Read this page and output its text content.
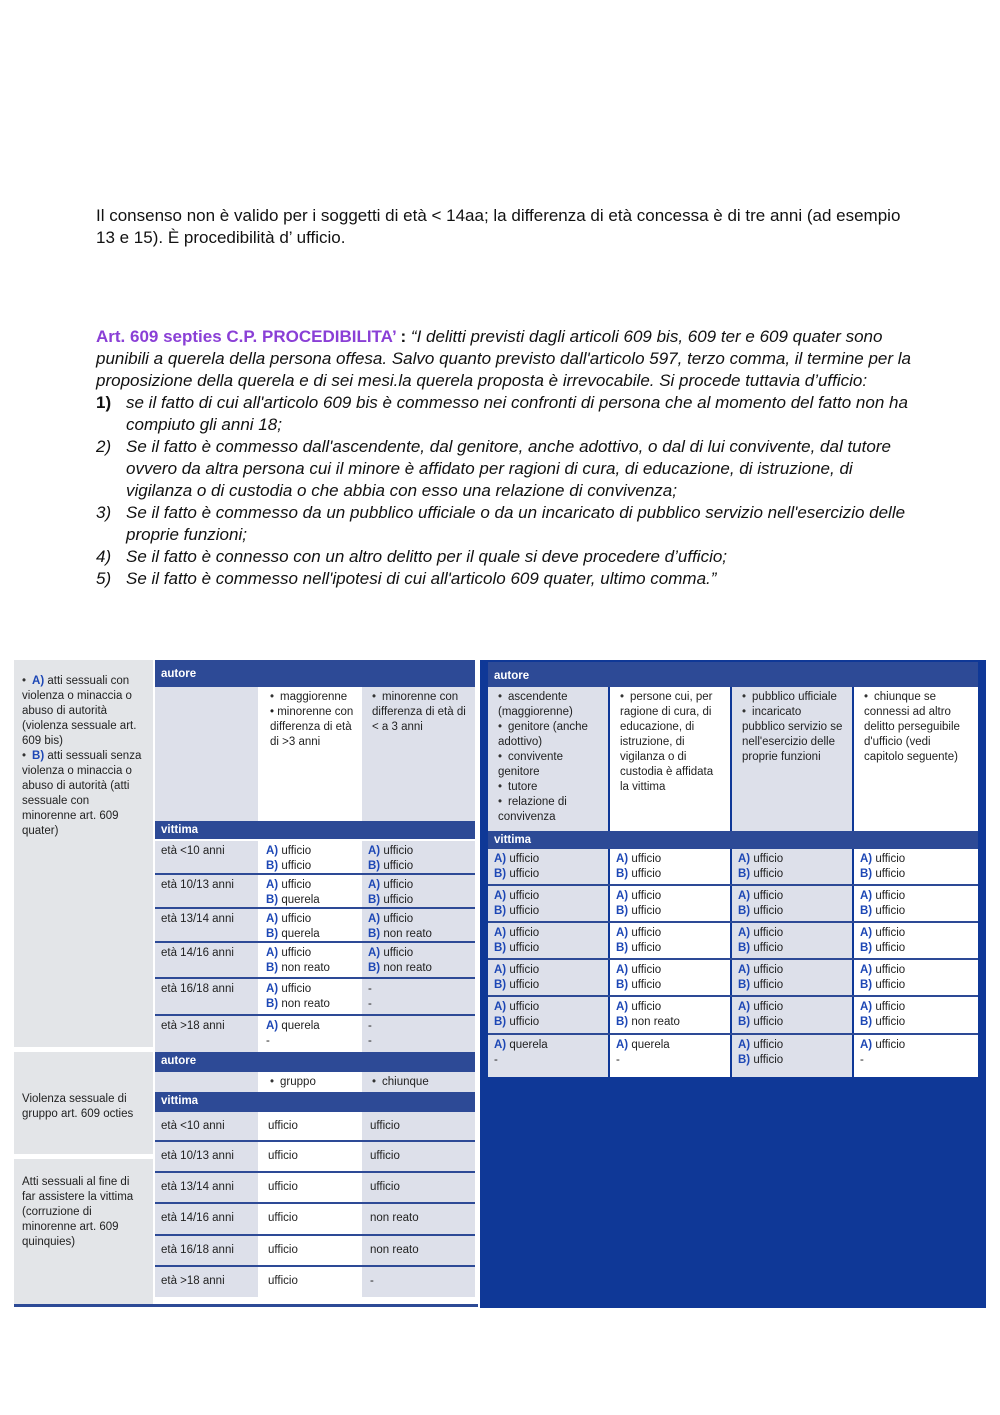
Il consenso non è valido per i soggetti di età < 14aa; la differenza di età concessa è di tre anni (ad esempio 13 e 15). È procedibilità d’ ufficio.
Art. 609 septies C.P. PROCEDIBILITA’ : “I delitti previsti dagli articoli 609 bis, 609 ter e 609 quater sono punibili a querela della persona offesa. Salvo quanto previsto dall'articolo 597, terzo comma, il termine per la proposizione della querela e di sei mesi.la querela proposta è irrevocabile. Si procede tuttavia d’ufficio:
1) se il fatto di cui all'articolo 609 bis è commesso nei confronti di persona che al momento del fatto non ha compiuto gli anni 18;
2) Se il fatto è commesso dall'ascendente, dal genitore, anche adottivo, o dal di lui convivente, dal tutore ovvero da altra persona cui il minore è affidato per ragioni di cura, di educazione, di istruzione, di vigilanza o di custodia o che abbia con esso una relazione di convivenza;
3) Se il fatto è commesso da un pubblico ufficiale o da un incaricato di pubblico servizio nell'esercizio delle proprie funzioni;
4) Se il fatto è connesso con un altro delitto per il quale si deve procedere d’ufficio;
5) Se il fatto è commesso nell'ipotesi di cui all'articolo 609 quater, ultimo comma.”
• A) atti sessuali con violenza o minaccia o abuso di autorità (violenza sessuale art. 609 bis)
• B) atti sessuali senza violenza o minaccia o abuso di autorità (atti sessuale con minorenne art. 609 quater)
Violenza sessuale di gruppo art. 609 octies
Atti sessuali al fine di far assistere la vittima (corruzione di minorenne art. 609 quinquies)
autore
• maggiorenne
• minorenne con differenza di età di >3 anni
• minorenne con differenza di età di < a 3 anni
vittima
età <10 anni	A) ufficio
B) ufficio
A) ufficio
B) ufficio
età 10/13 anni	A) ufficio
B) querela
A) ufficio
B) ufficio
età 13/14 anni	A) ufficio
B) querela
A) ufficio
B) non reato
età 14/16 anni	A) ufficio
B) non reato
A) ufficio
B) non reato
età 16/18 anni	A) ufficio
B) non reato
-
-
età >18 anni	A) querela
-
-
-
autore
• gruppo
•	chiunque
vittima
età <10 anni	ufficio	ufficio
età 10/13 anni	ufficio	ufficio
età 13/14 anni	ufficio	ufficio
età 14/16 anni	ufficio	non reato
età 16/18 anni	ufficio	non reato
età >18 anni	ufficio	-
autore
• ascendente (maggiorenne)
• genitore (anche adottivo)
• convivente genitore
• tutore
• relazione di convivenza
• persone cui, per ragione di cura, di educazione, di istruzione, di vigilanza o di custodia è affidata la vittima
• pubblico ufficiale
• incaricato pubblico servizio se nell'esercizio delle proprie funzioni
• chiunque se connessi ad altro delitto perseguibile d'ufficio (vedi capitolo seguente)
vittima
A) ufficio
B) ufficio
A) ufficio
B) ufficio
A) ufficio
B) ufficio
A) ufficio
B) ufficio
A) ufficio
B) ufficio
A) ufficio
B) ufficio
A) ufficio
B) ufficio
A) ufficio
B) ufficio
A) ufficio
B) ufficio
A) ufficio
B) ufficio
A) ufficio
B) ufficio
A) ufficio
B) ufficio
A) ufficio
B) ufficio
A) ufficio
B) ufficio
A) ufficio
B) ufficio
A) ufficio
B) ufficio
A) ufficio
B) ufficio
A) ufficio
B) non reato
A) ufficio
B) ufficio
A) ufficio
B) ufficio
A) querela
-
A) querela
-
A) ufficio
B) ufficio
A) ufficio
-
